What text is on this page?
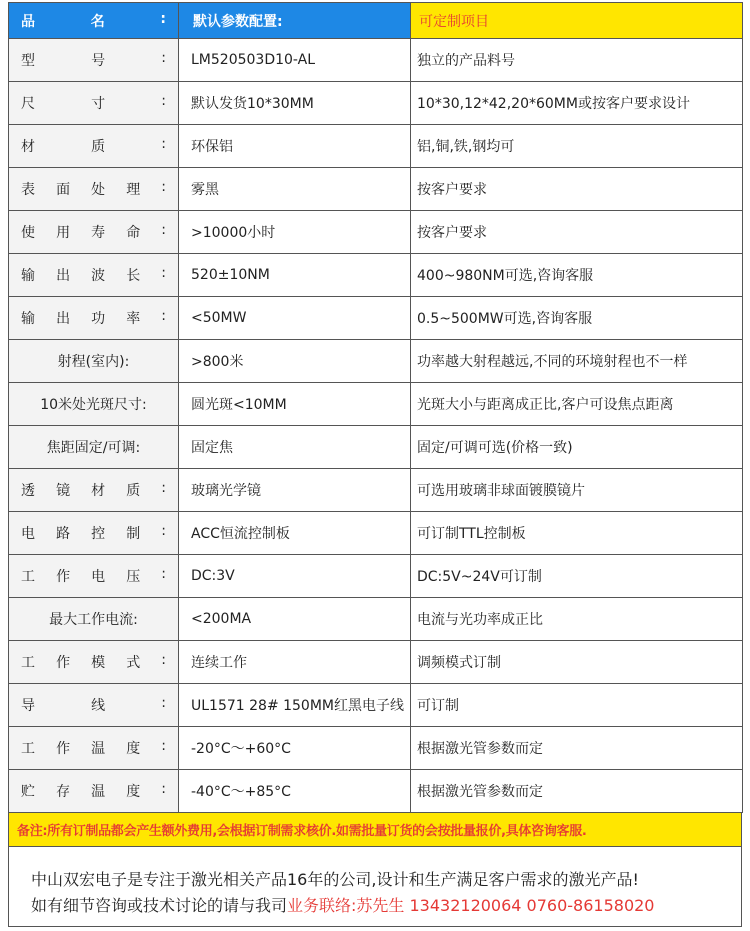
品 名 :	默认参数配置:	可定制项目

型 号 :	LM520503D10-AL	独立的产品料号

尺 寸 :	默认发货10*30MM	10*30,12*42,20*60MM或按客户要求设计

材 质 :	环保铝	铝,铜,铁,钢均可

表 面 处 理 :	雾黑	按客户要求

使 用 寿 命 :	>10000小时	按客户要求

输 出 波 长 :	520±10NM	400~980NM可选,咨询客服

输 出 功 率 :	<50MW	0.5~500MW可选,咨询客服

射程(室内):	>800米	功率越大射程越远,不同的环境射程也不一样

10米处光斑尺寸:	圆光斑<10MM	光斑大小与距离成正比,客户可设焦点距离

焦距固定/可调:	固定焦	固定/可调可选(价格一致)

透 镜 材 质 :	玻璃光学镜	可选用玻璃非球面镀膜镜片

电 路 控 制 :	ACC恒流控制板	可订制TTL控制板

工 作 电 压 :	DC:3V	DC:5V~24V可订制

最大工作电流:	<200MA	电流与光功率成正比

工 作 模 式 :	连续工作	调频模式订制

导 线 :	UL1571 28# 150MM红黑电子线	可订制

工 作 温 度 :	-20°C～+60°C	根据激光管参数而定

贮 存 温 度 :	-40°C～+85°C	根据激光管参数而定
备注:所有订制品都会产生额外费用,会根据订制需求核价.如需批量订货的会按批量报价,具体咨询客服.
中山双宏电子是专注于激光相关产品16年的公司,设计和生产满足客户需求的激光产品!
如有细节咨询或技术讨论的请与我司业务联络:苏先生 13432120064 0760-86158020
